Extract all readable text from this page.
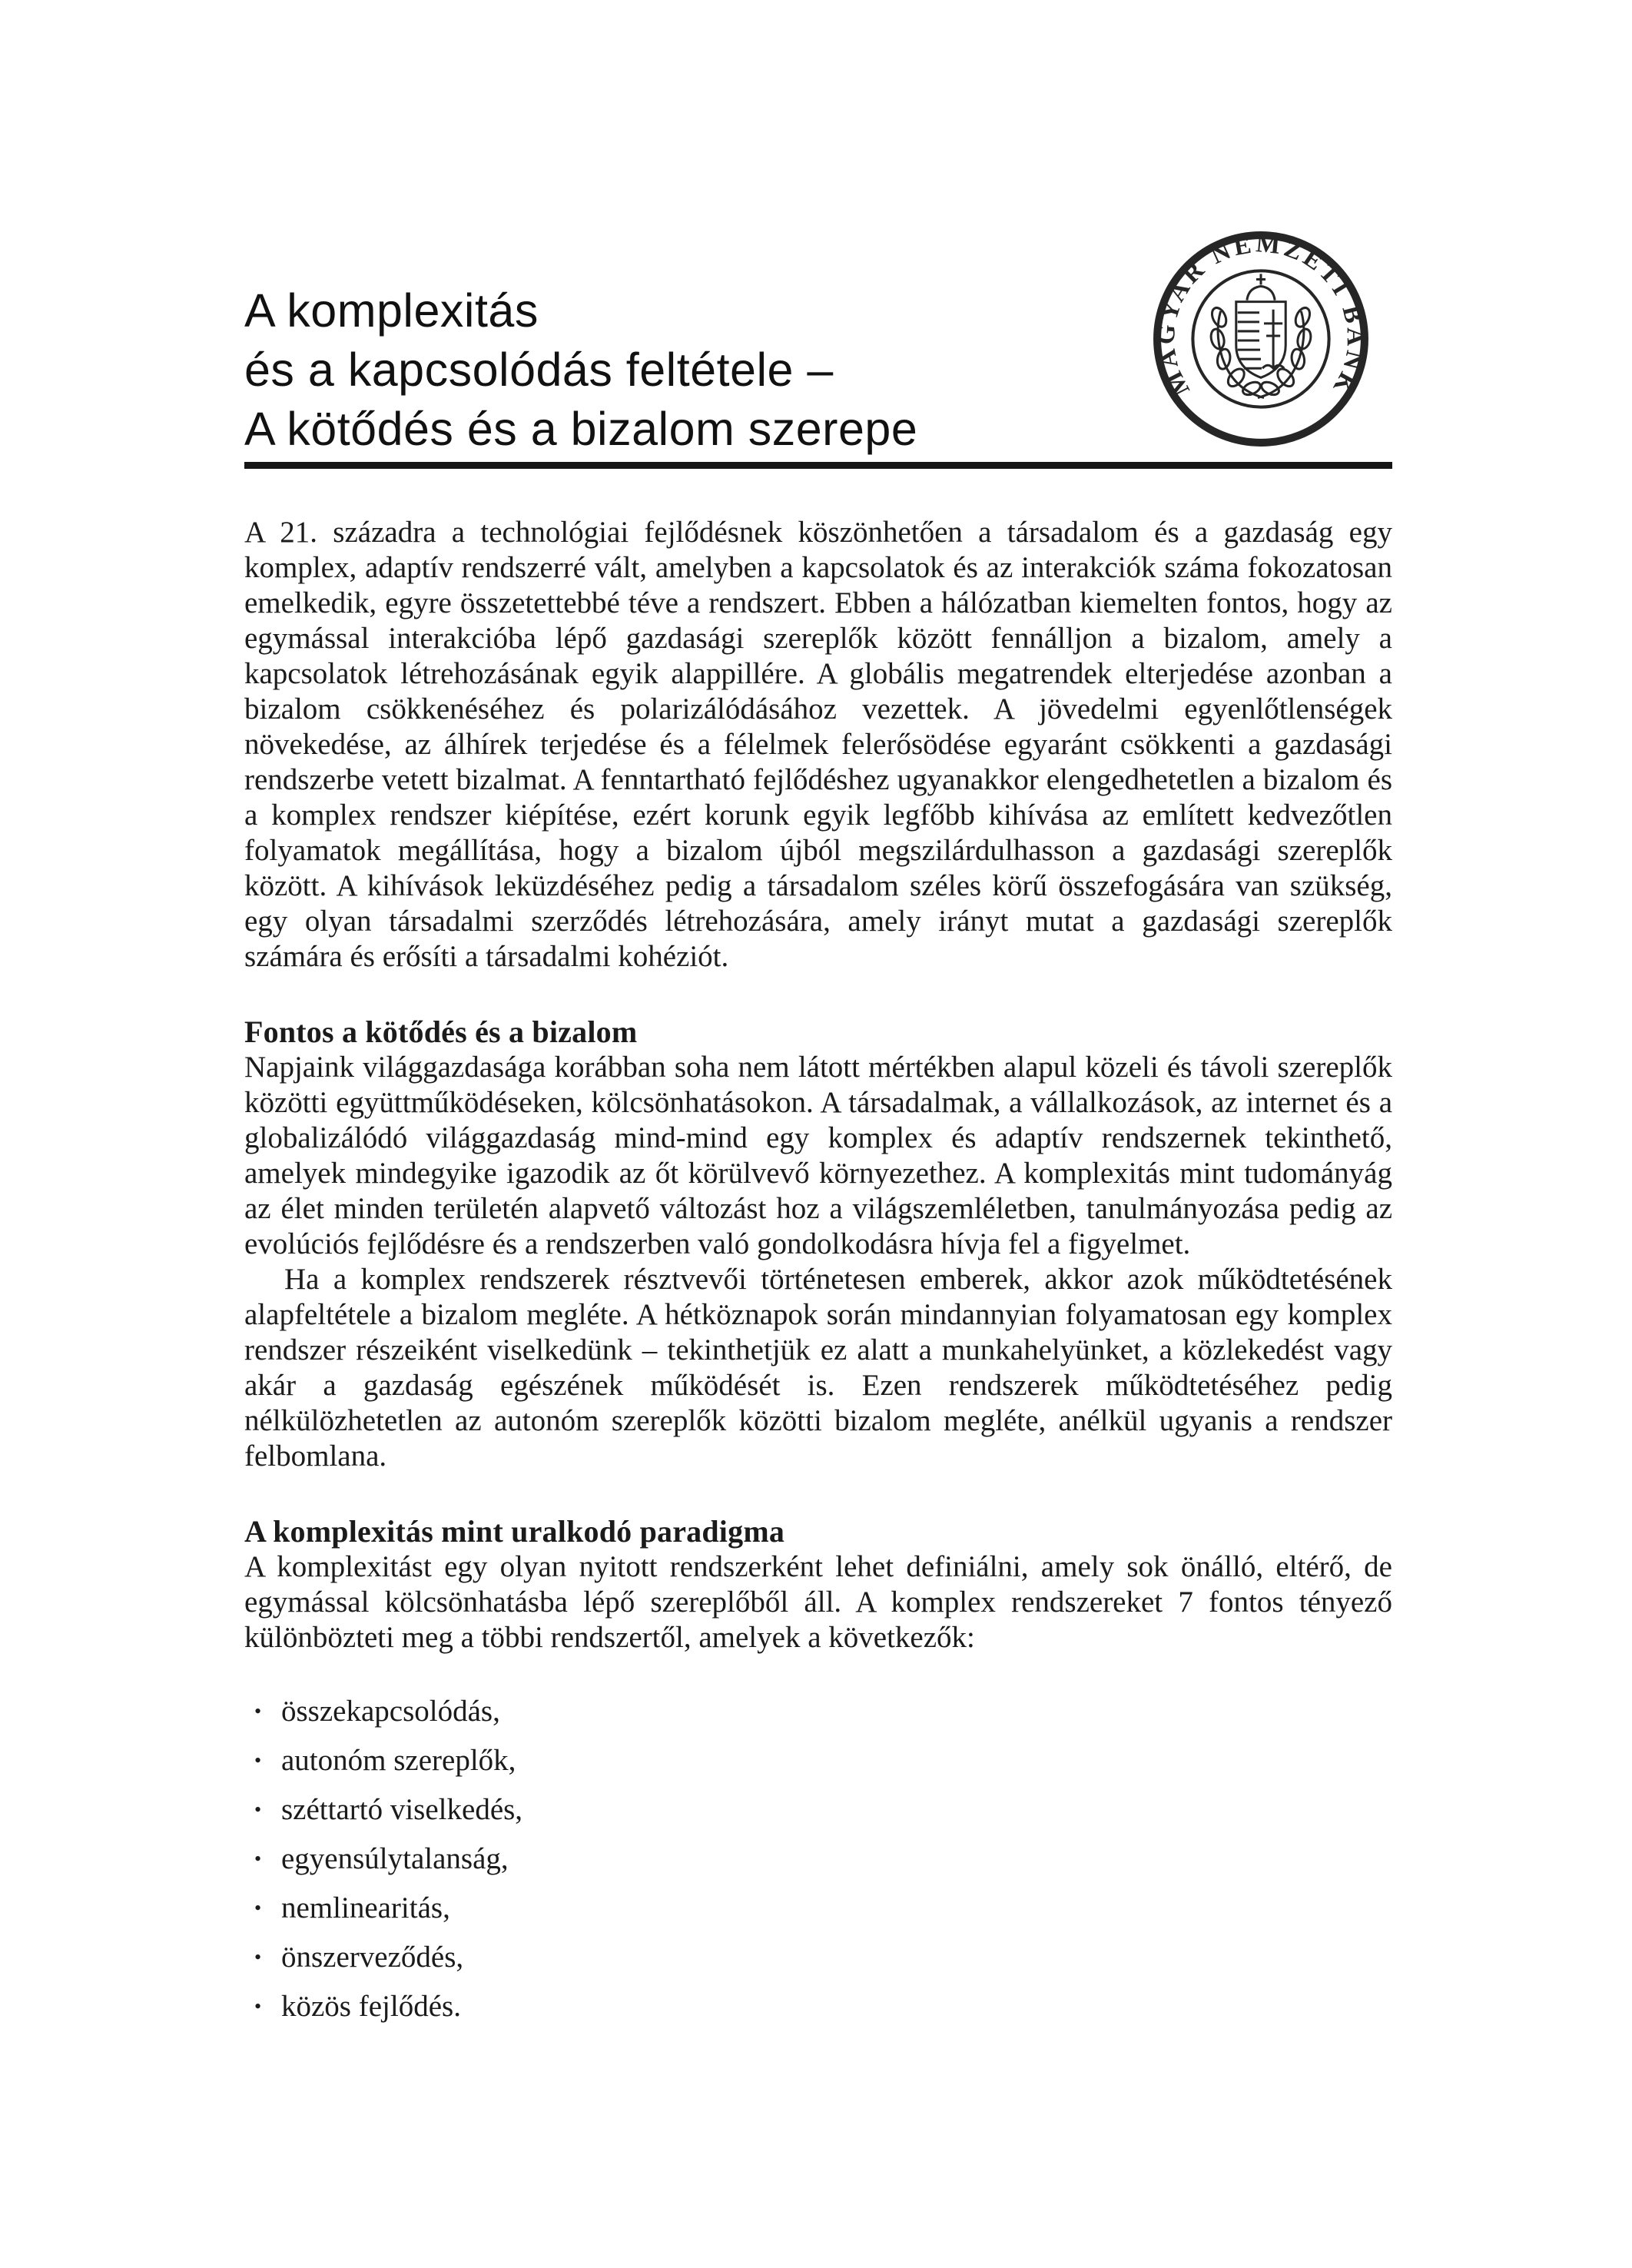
A komplexitás
és a kapcsolódás feltétele –
A kötődés és a bizalom szerepe
MAGYAR NEMZETI BANK

A 21. századra a technológiai fejlődésnek köszönhetően a társadalom és a gazdaság egy komplex, adaptív rendszerré vált, amelyben a kapcsolatok és az interakciók száma fokozatosan emelkedik, egyre összetettebbé téve a rendszert. Ebben a hálózatban kiemelten fontos, hogy az egymással interakcióba lépő gazdasági szereplők között fennálljon a bizalom, amely a kapcsolatok létrehozásának egyik alappillére. A globális megatrendek elterjedése azonban a bizalom csökkenéséhez és polarizálódásához vezettek. A jövedelmi egyenlőtlenségek növekedése, az álhírek terjedése és a félelmek felerősödése egyaránt csökkenti a gazdasági rendszerbe vetett bizalmat. A fenntartható fejlődéshez ugyanakkor elengedhetetlen a bizalom és a komplex rendszer kiépítése, ezért korunk egyik legfőbb kihívása az említett kedvezőtlen folyamatok megállítása, hogy a bizalom újból megszilárdulhasson a gazdasági szereplők között. A kihívások leküzdéséhez pedig a társadalom széles körű összefogására van szükség, egy olyan társadalmi szerződés létrehozására, amely irányt mutat a gazdasági szereplők számára és erősíti a társadalmi kohéziót.

Fontos a kötődés és a bizalom

Napjaink világgazdasága korábban soha nem látott mértékben alapul közeli és távoli szereplők közötti együttműködéseken, kölcsönhatásokon. A társadalmak, a vállalkozások, az internet és a globalizálódó világgazdaság mind-mind egy komplex és adaptív rendszernek tekinthető, amelyek mindegyike igazodik az őt körülvevő környezethez. A komplexitás mint tudományág az élet minden területén alapvető változást hoz a világszemléletben, tanulmányozása pedig az evolúciós fejlődésre és a rendszerben való gondolkodásra hívja fel a figyelmet.

Ha a komplex rendszerek résztvevői történetesen emberek, akkor azok működtetésének alapfeltétele a bizalom megléte. A hétköznapok során mindannyian folyamatosan egy komplex rendszer részeiként viselkedünk – tekinthetjük ez alatt a munkahelyünket, a közlekedést vagy akár a gazdaság egészének működését is. Ezen rendszerek működtetéséhez pedig nélkülözhetetlen az autonóm szereplők közötti bizalom megléte, anélkül ugyanis a rendszer felbomlana.

A komplexitás mint uralkodó paradigma

A komplexitást egy olyan nyitott rendszerként lehet definiálni, amely sok önálló, eltérő, de egymással kölcsönhatásba lépő szereplőből áll. A komplex rendszereket 7 fontos tényező különbözteti meg a többi rendszertől, amelyek a következők:

• összekapcsolódás,
• autonóm szereplők,
• széttartó viselkedés,
• egyensúlytalanság,
• nemlinearitás,
• önszerveződés,
• közös fejlődés.
